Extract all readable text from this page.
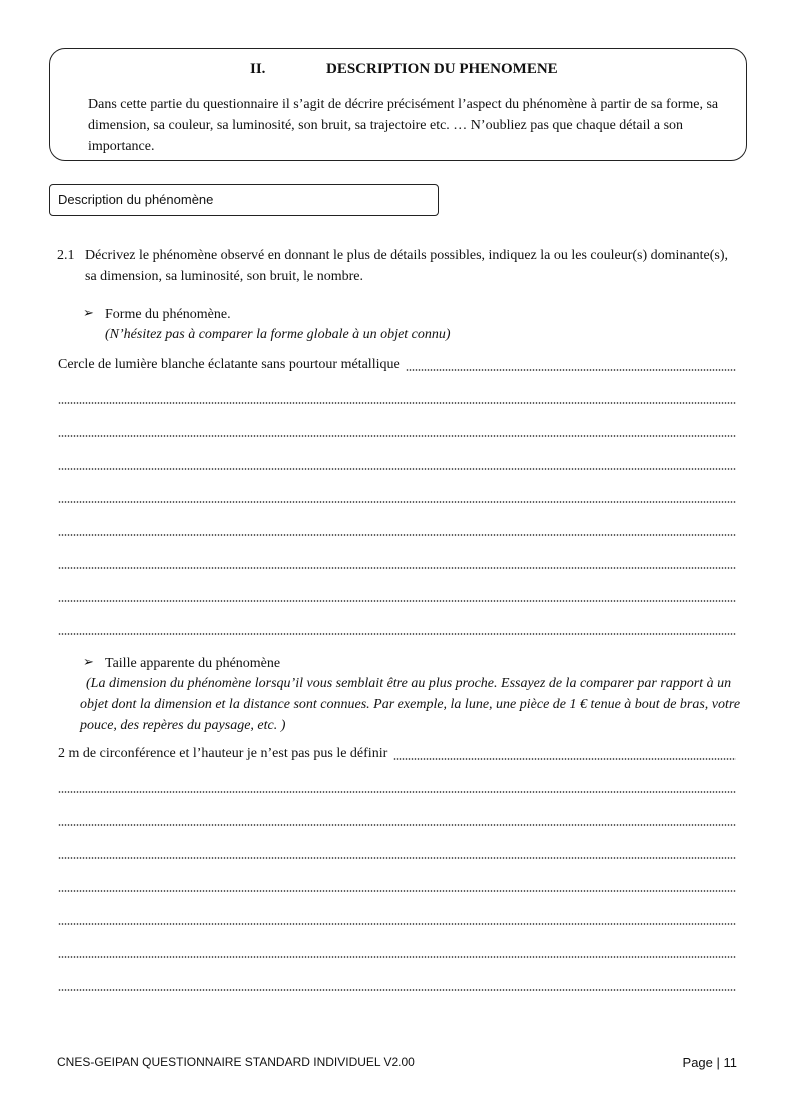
II.	DESCRIPTION DU PHENOMENE

Dans cette partie du questionnaire il s’agit de décrire précisément l’aspect du phénomène à partir de sa forme, sa dimension, sa couleur, sa luminosité, son bruit, sa trajectoire etc. … N’oubliez pas que chaque détail a son importance.

Description du phénomène
2.1 Décrivez le phénomène observé en donnant le plus de détails possibles, indiquez la ou les couleur(s) dominante(s), sa dimension, sa luminosité, son bruit, le nombre.
➢ Forme du phénomène.
(N’hésitez pas à comparer la forme globale à un objet connu)
Cercle de lumière blanche éclatante sans pourtour métallique
➢ Taille apparente du phénomène
(La dimension du phénomène lorsqu’il vous semblait être au plus proche. Essayez de la comparer par rapport à un objet dont la dimension et la distance sont connues. Par exemple, la lune, une pièce de 1 € tenue à bout de bras, votre pouce, des repères du paysage, etc. )
2 m de circonférence et l’hauteur je n’est pas pus le définir
CNES-GEIPAN QUESTIONNAIRE STANDARD INDIVIDUEL V2.00	Page | 11
